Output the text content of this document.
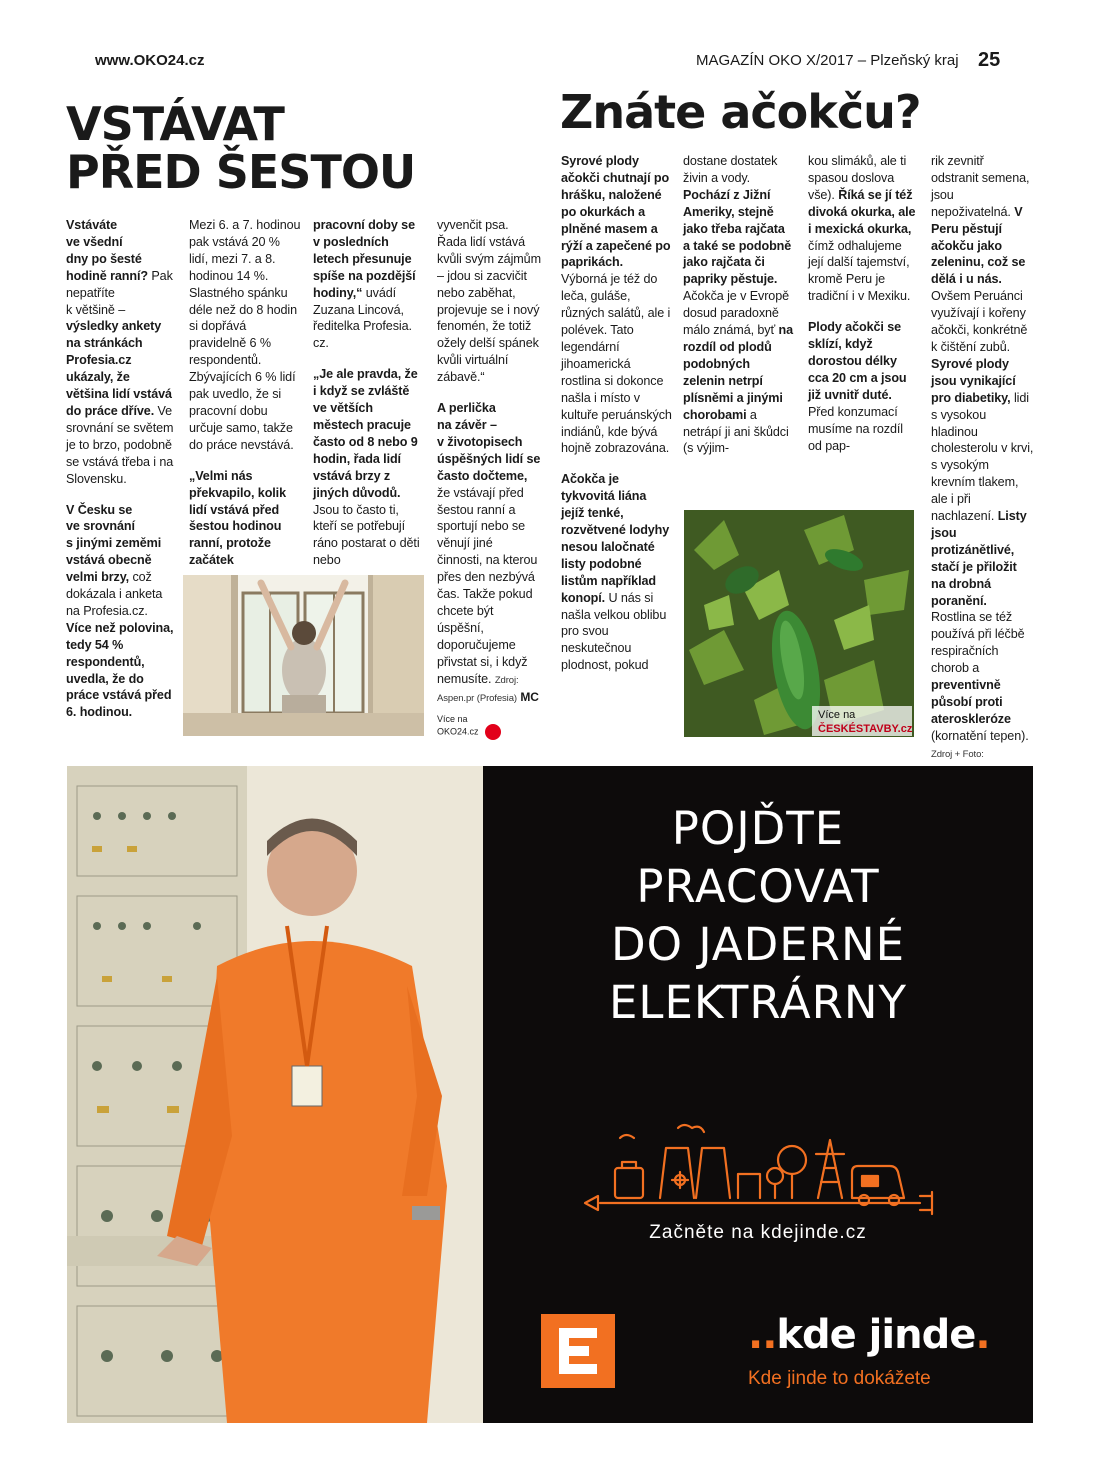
www.OKO24.cz	MAGAZÍN OKO X/2017 – Plzeňský kraj 25
VSTÁVAT
PŘED ŠESTOU
Znáte ačokču?

Vstáváte
ve všední
dny po šesté
hodině ranní? Pak nepatříte
k většině – výsledky ankety na stránkách Profesia.cz ukázaly, že většina lidí vstává do práce dříve. Ve srovnání se světem je to brzo, podobně se vstává třeba i na Slovensku.

V Česku se
ve srovnání
s jinými zeměmi vstává obecně velmi brzy, což dokázala i anketa na Profesia.cz. Více než polovina, tedy 54 % respondentů, uvedla, že do práce vstává před 6. hodinou.

Mezi 6. a 7. hodinou pak vstává 20 % lidí, mezi 7. a 8. hodinou 14 %. Slastného spánku déle než do 8 hodin si dopřává pravidelně 6 % respondentů. Zbývajících 6 % lidí pak uvedlo, že si pracovní dobu určuje samo, takže do práce nevstává.

„Velmi nás překvapilo, kolik lidí vstává před šestou hodinou ranní, protože začátek

pracovní doby se v posledních letech přesunuje spíše na pozdější hodiny,“ uvádí Zuzana Lincová, ředitelka Profesia. cz.

„Je ale pravda, že i když se zvláště ve větších městech pracuje často od 8 nebo 9 hodin, řada lidí vstává brzy z jiných důvodů. Jsou to často ti, kteří se potřebují ráno postarat o děti nebo

vyvenčit psa. Řada lidí vstává kvůli svým zájmům – jdou si zacvičit nebo zaběhat, projevuje se i nový fenomén, že totiž ožely delší spánek kvůli virtuální zábavě.“

A perlička
na závěr –
v životopisech úspěšných lidí se často dočteme, že vstávají před šestou ranní a sportují nebo se věnují jiné činnosti, na kterou přes den nezbývá čas. Takže pokud chcete být úspěšní, doporučujeme přivstat si, i když nemusíte. Zdroj: Aspen.pr (Profesia) MC

Více na
OKO24.cz

Syrové plody ačokči chutnají po hrášku, naložené po okurkách a plněné masem a rýží a zapečené po paprikách. Výborná je též do leča, guláše, různých salátů, ale i polévek. Tato legendární jihoamerická rostlina si dokonce našla i místo v kultuře peruánských indiánů, kde bývá hojně zobrazována.

Ačokča je tykvovitá liána jejíž tenké, rozvětvené lodyhy nesou laločnaté listy podobné listům například konopí. U nás si našla velkou oblibu pro svou neskutečnou plodnost, pokud

dostane dostatek živin a vody. Pochází z Jižní Ameriky, stejně jako třeba rajčata a také se podobně jako rajčata či papriky pěstuje. Ačokča je v Evropě dosud paradoxně málo známá, byť na rozdíl od plodů podobných zelenin netrpí plísněmi a jinými chorobami a netrápí ji ani škůdci (s výjim-

kou slimáků, ale ti spasou doslova vše). Říká se jí též divoká okurka, ale i mexická okurka, čímž odhalujeme její další tajemství, kromě Peru je tradiční i v Mexiku.

Plody ačokči se sklízí, když dorostou délky cca 20 cm a jsou již uvnitř duté. Před konzumací musíme na rozdíl od pap-

rik zevnitř odstranit semena, jsou nepoživatelná. V Peru pěstují ačokču jako zeleninu, což se dělá i u nás. Ovšem Peruánci využívají i kořeny ačokči, konkrétně k čištění zubů. Syrové plody jsou vynikající pro diabetiky, lidi s vysokou hladinou cholesterolu v krvi, s vysokým krevním tlakem, ale i při nachlazení. Listy jsou protizánětlivé, stačí je přiložit na drobná poranění. Rostlina se též používá při léčbě respiračních chorob a preventivně působí proti ateroskleróze (kornatění tepen). Zdroj + Foto:

Více na
ČESKÉSTAVBY.cz
POJĎTE
PRACOVAT
DO JADERNÉ
ELEKTRÁRNY
Začněte na kdejinde.cz
..kde jinde.
Kde jinde to dokážete
